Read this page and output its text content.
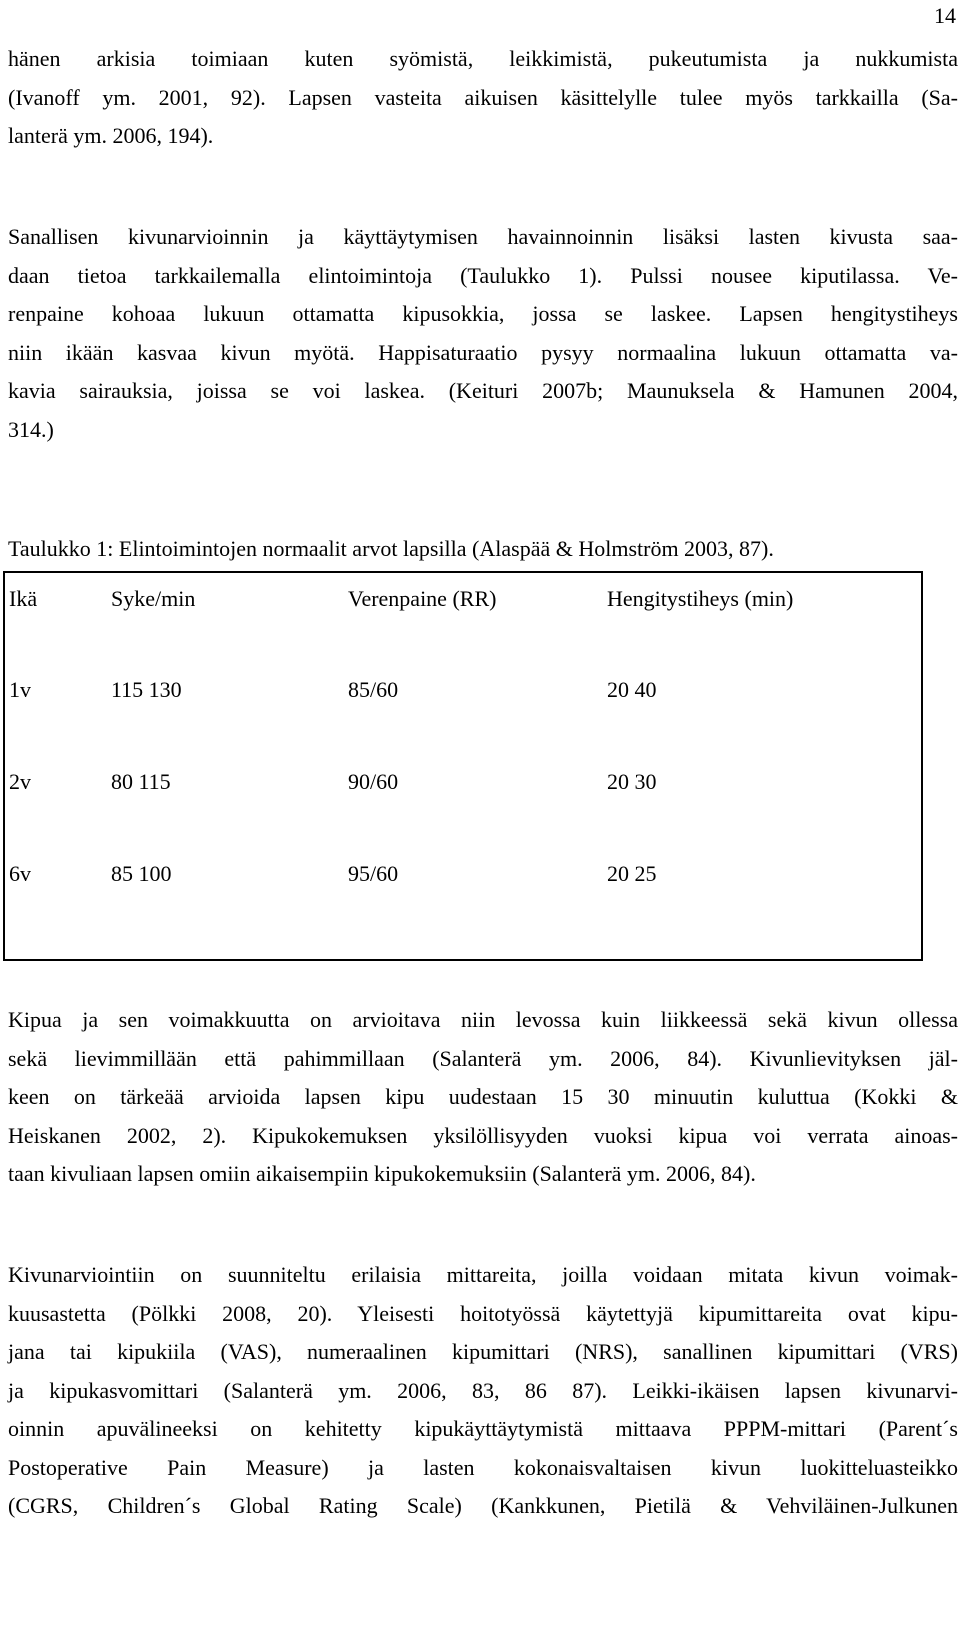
14
hänen arkisia toimiaan kuten syömistä, leikkimistä, pukeutumista ja nukkumista
(Ivanoff ym. 2001, 92). Lapsen vasteita aikuisen käsittelylle tulee myös tarkkailla (Sa-
lanterä ym. 2006, 194).
Sanallisen kivunarvioinnin ja käyttäytymisen havainnoinnin lisäksi lasten kivusta saa-
daan tietoa tarkkailemalla elintoimintoja (Taulukko 1). Pulssi nousee kiputilassa. Ve-
renpaine kohoaa lukuun ottamatta kipusokkia, jossa se laskee. Lapsen hengitystiheys
niin ikään kasvaa kivun myötä. Happisaturaatio pysyy normaalina lukuun ottamatta va-
kavia sairauksia, joissa se voi laskea. (Keituri 2007b; Maunuksela & Hamunen 2004,
314.)

Taulukko 1: Elintoimintojen normaalit arvot lapsilla (Alaspää & Holmström 2003, 87).

Ikä	Syke/min	Verenpaine (RR)	Hengitystiheys (min)
1v	115 130	85/60	20 40
2v	80 115	90/60	20 30
6v	85 100	95/60	20 25
Kipua ja sen voimakkuutta on arvioitava niin levossa kuin liikkeessä sekä kivun ollessa
sekä lievimmillään että pahimmillaan (Salanterä ym. 2006, 84). Kivunlievityksen jäl-
keen on tärkeää arvioida lapsen kipu uudestaan 15 30 minuutin kuluttua (Kokki &
Heiskanen 2002, 2). Kipukokemuksen yksilöllisyyden vuoksi kipua voi verrata ainoas-
taan kivuliaan lapsen omiin aikaisempiin kipukokemuksiin (Salanterä ym. 2006, 84).
Kivunarviointiin on suunniteltu erilaisia mittareita, joilla voidaan mitata kivun voimak-
kuusastetta (Pölkki 2008, 20). Yleisesti hoitotyössä käytettyjä kipumittareita ovat kipu-
jana tai kipukiila (VAS), numeraalinen kipumittari (NRS), sanallinen kipumittari (VRS)
ja kipukasvomittari (Salanterä ym. 2006, 83, 86 87). Leikki-ikäisen lapsen kivunarvi-
oinnin apuvälineeksi on kehitetty kipukäyttäytymistä mittaava PPPM-mittari (Parent´s
Postoperative Pain Measure) ja lasten kokonaisvaltaisen kivun luokitteluasteikko
(CGRS, Children´s Global Rating Scale) (Kankkunen, Pietilä & Vehviläinen-Julkunen
